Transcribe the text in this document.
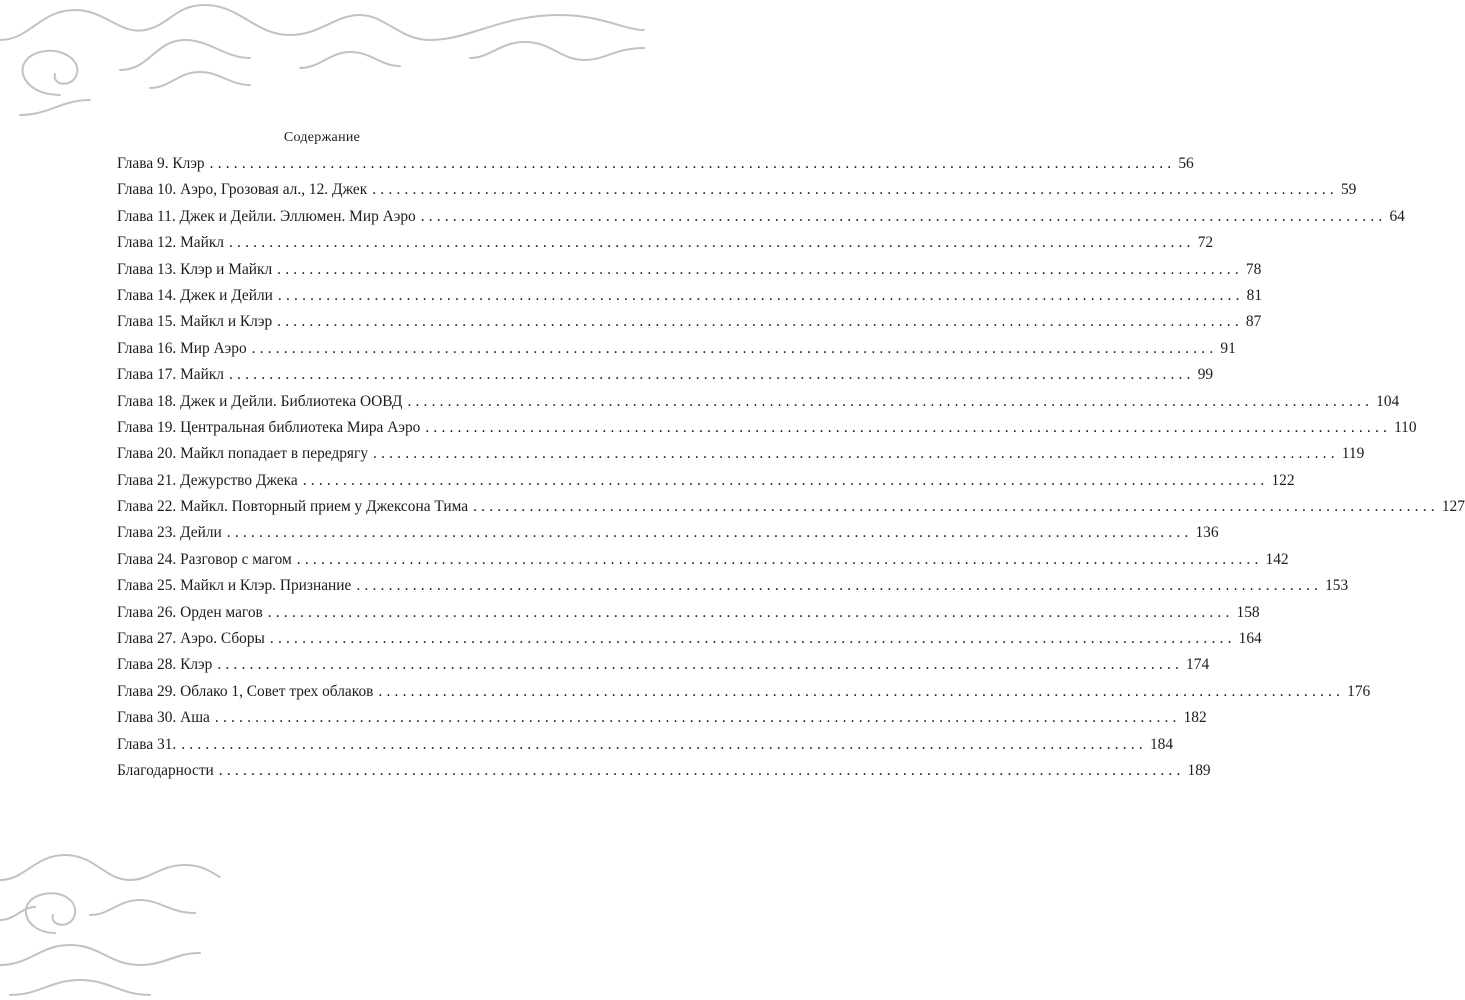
Содержание
Глава 9. Клэр ........................................................................................................................ 56
Глава 10. Аэро, Грозовая ал., 12. Джек ........................................................................................................................ 59
Глава 11. Джек и Дейли. Эллюмен. Мир Аэро ........................................................................................................................ 64
Глава 12. Майкл ........................................................................................................................ 72
Глава 13. Клэр и Майкл ........................................................................................................................ 78
Глава 14. Джек и Дейли ........................................................................................................................ 81
Глава 15. Майкл и Клэр ........................................................................................................................ 87
Глава 16. Мир Аэро ........................................................................................................................ 91
Глава 17. Майкл ........................................................................................................................ 99
Глава 18. Джек и Дейли. Библиотека ООВД ........................................................................................................................ 104
Глава 19. Центральная библиотека Мира Аэро ........................................................................................................................ 110
Глава 20. Майкл попадает в передрягу ........................................................................................................................ 119
Глава 21. Дежурство Джека ........................................................................................................................ 122
Глава 22. Майкл. Повторный прием у Джексона Тима ........................................................................................................................ 127
Глава 23. Дейли ........................................................................................................................ 136
Глава 24. Разговор с магом ........................................................................................................................ 142
Глава 25. Майкл и Клэр. Признание ........................................................................................................................ 153
Глава 26. Орден магов ........................................................................................................................ 158
Глава 27. Аэро. Сборы ........................................................................................................................ 164
Глава 28. Клэр ........................................................................................................................ 174
Глава 29. Облако 1, Совет трех облаков ........................................................................................................................ 176
Глава 30. Аша ........................................................................................................................ 182
Глава 31. ........................................................................................................................ 184
Благодарности ........................................................................................................................ 189
